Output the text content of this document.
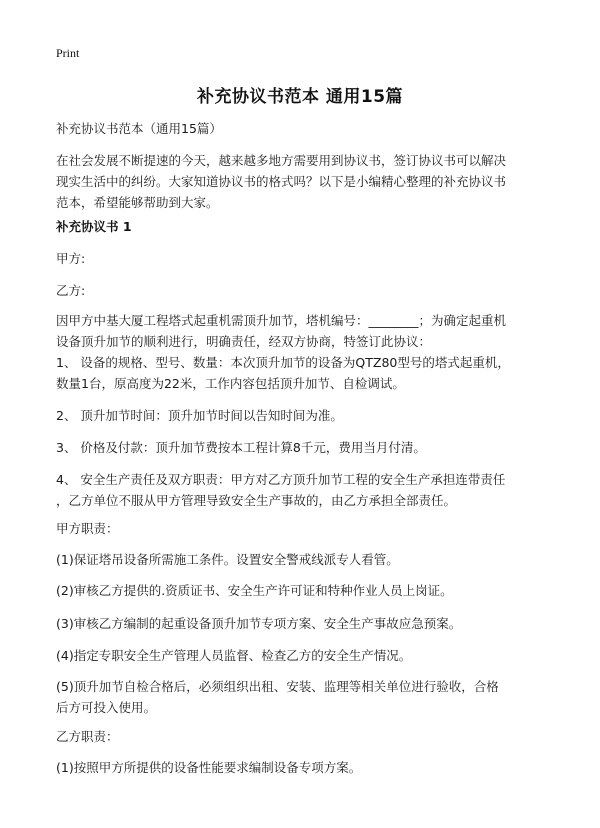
Print
补充协议书范本 通用15篇
补充协议书范本（通用15篇）
在社会发展不断提速的今天，越来越多地方需要用到协议书，签订协议书可以解决
现实生活中的纠纷。大家知道协议书的格式吗？以下是小编精心整理的补充协议书
范本，希望能够帮助到大家。
补充协议书 1
甲方:
乙方:
因甲方中基大厦工程塔式起重机需顶升加节，塔机编号：________；为确定起重机
设备顶升加节的顺利进行，明确责任，经双方协商，特签订此协议：
1、 设备的规格、型号、数量：本次顶升加节的设备为QTZ80型号的塔式起重机，
数量1台，原高度为22米，工作内容包括顶升加节、自检调试。
2、 顶升加节时间：顶升加节时间以告知时间为准。
3、 价格及付款：顶升加节费按本工程计算8千元，费用当月付清。
4、 安全生产责任及双方职责：甲方对乙方顶升加节工程的安全生产承担连带责任
，乙方单位不服从甲方管理导致安全生产事故的，由乙方承担全部责任。
甲方职责：
(1)保证塔吊设备所需施工条件。设置安全警戒线派专人看管。
(2)审核乙方提供的.资质证书、安全生产许可证和特种作业人员上岗证。
(3)审核乙方编制的起重设备顶升加节专项方案、安全生产事故应急预案。
(4)指定专职安全生产管理人员监督、检查乙方的安全生产情况。
(5)顶升加节自检合格后，必须组织出租、安装、监理等相关单位进行验收，合格
后方可投入使用。
乙方职责：
(1)按照甲方所提供的设备性能要求编制设备专项方案。
